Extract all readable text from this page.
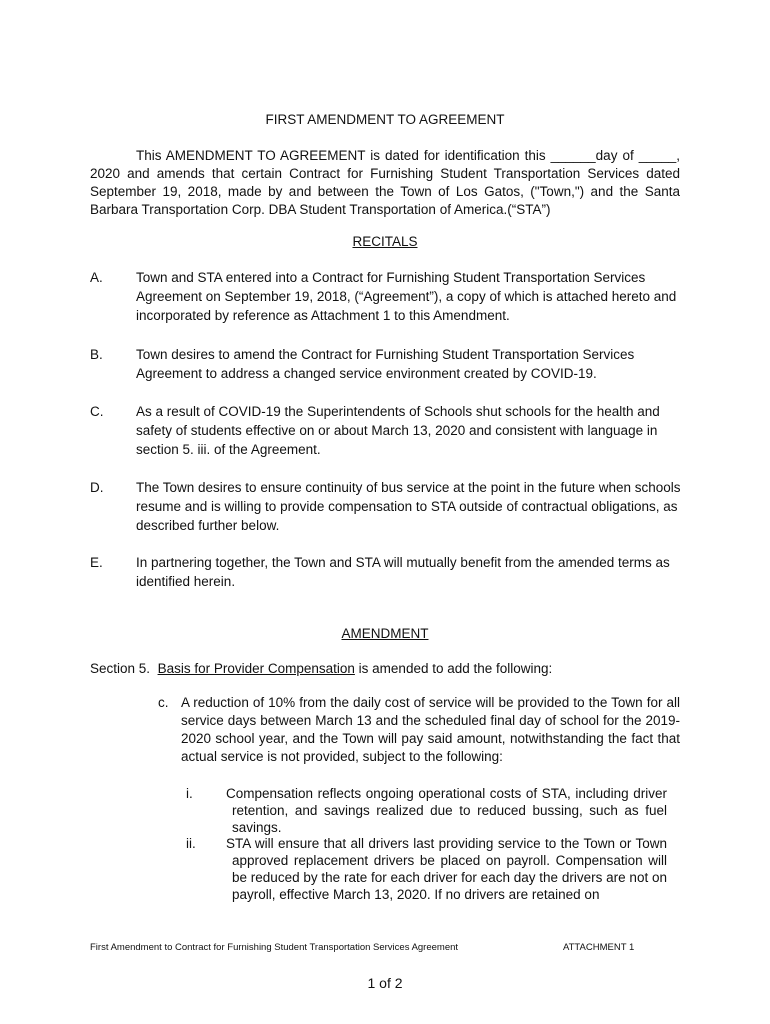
FIRST AMENDMENT TO AGREEMENT
This AMENDMENT TO AGREEMENT is dated for identification this ______day of _____, 2020 and amends that certain Contract for Furnishing Student Transportation Services dated September 19, 2018, made by and between the Town of Los Gatos, ("Town,") and the Santa Barbara Transportation Corp. DBA Student Transportation of America.(“STA”)
RECITALS
A.	Town and STA entered into a Contract for Furnishing Student Transportation Services Agreement on September 19, 2018, (“Agreement”), a copy of which is attached hereto and incorporated by reference as Attachment 1 to this Amendment.
B.	Town desires to amend the Contract for Furnishing Student Transportation Services Agreement to address a changed service environment created by COVID-19.
C.	As a result of COVID-19 the Superintendents of Schools shut schools for the health and safety of students effective on or about March 13, 2020 and consistent with language in section 5. iii. of the Agreement.
D.	The Town desires to ensure continuity of bus service at the point in the future when schools resume and is willing to provide compensation to STA outside of contractual obligations, as described further below.
E.	In partnering together, the Town and STA will mutually benefit from the amended terms as identified herein.
AMENDMENT
Section 5. Basis for Provider Compensation is amended to add the following:
c. A reduction of 10% from the daily cost of service will be provided to the Town for all service days between March 13 and the scheduled final day of school for the 2019-2020 school year, and the Town will pay said amount, notwithstanding the fact that actual service is not provided, subject to the following:
i. Compensation reflects ongoing operational costs of STA, including driver retention, and savings realized due to reduced bussing, such as fuel savings.
ii. STA will ensure that all drivers last providing service to the Town or Town approved replacement drivers be placed on payroll. Compensation will be reduced by the rate for each driver for each day the drivers are not on payroll, effective March 13, 2020. If no drivers are retained on
First Amendment to Contract for Furnishing Student Transportation Services Agreement	ATTACHMENT 1
1 of 2
